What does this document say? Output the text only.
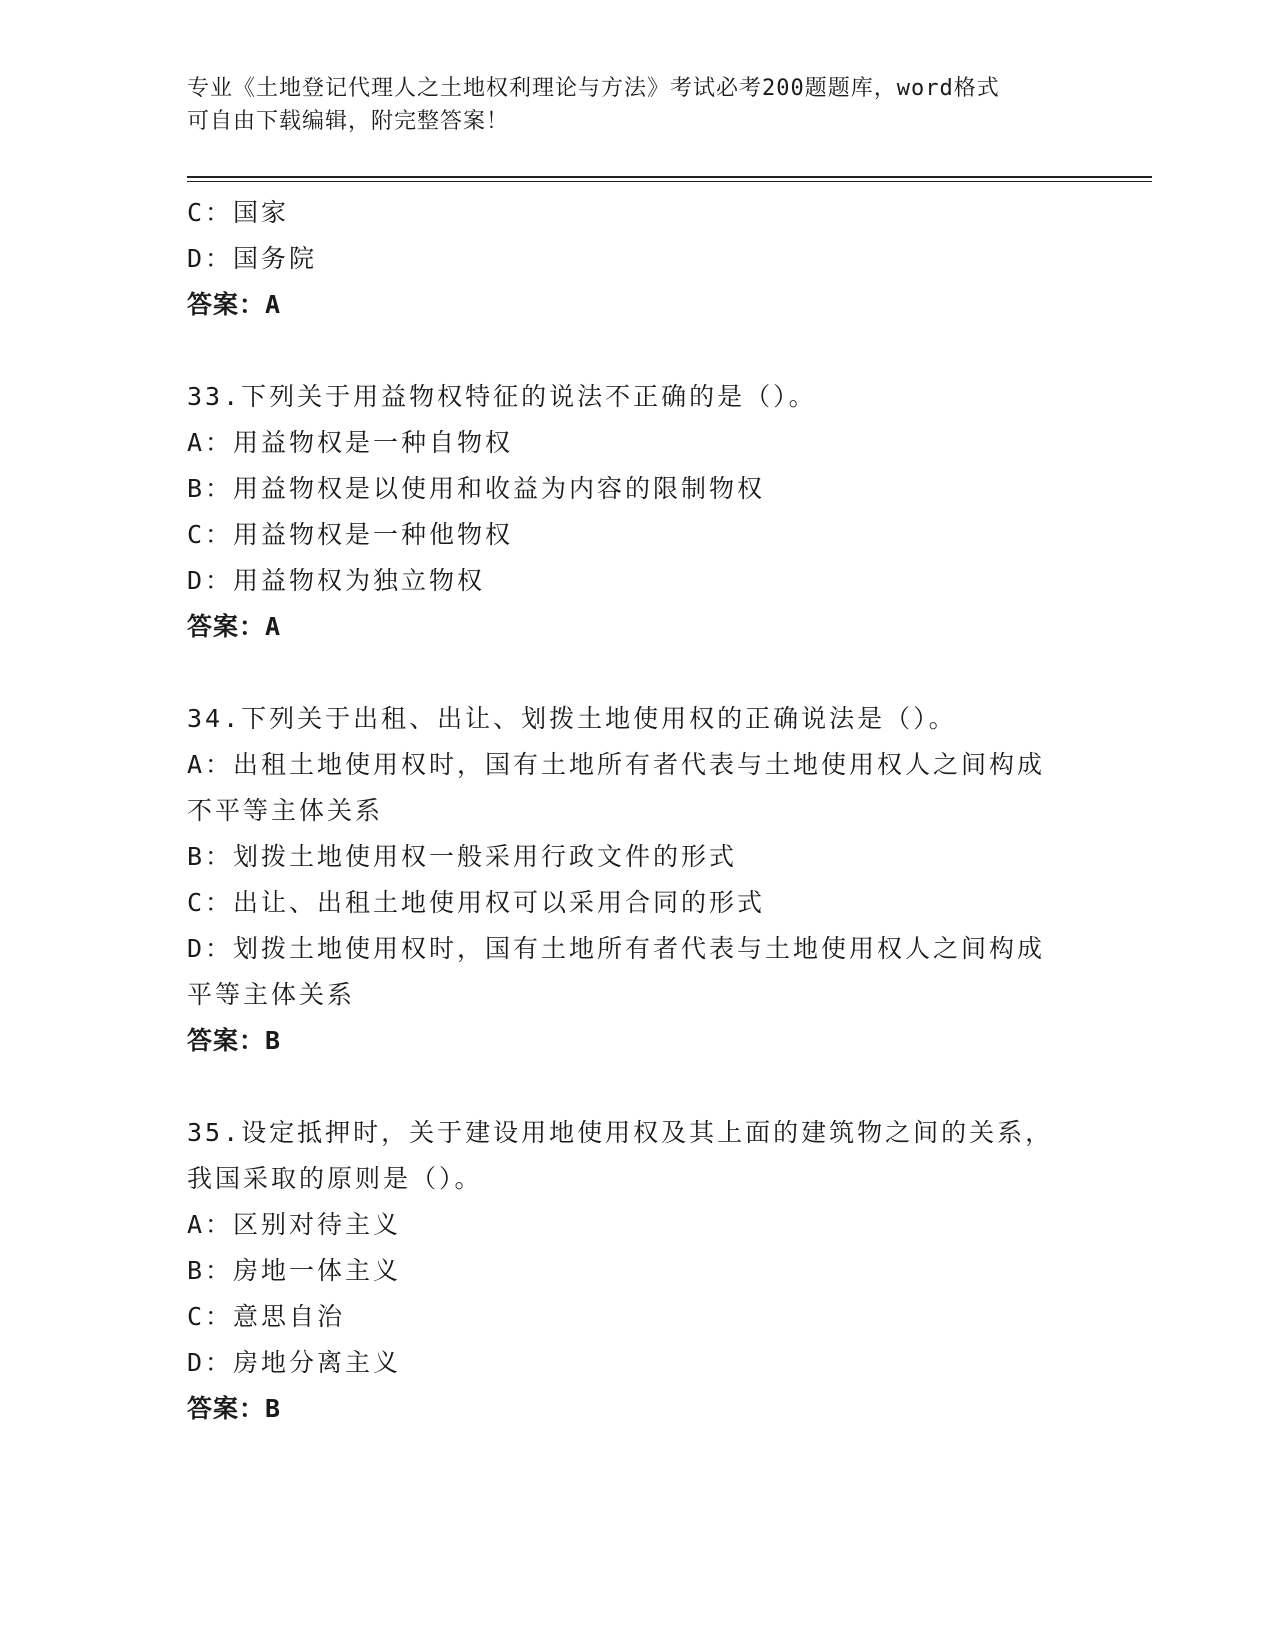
专业《土地登记代理人之土地权利理论与方法》考试必考200题题库，word格式
可自由下载编辑，附完整答案！
C：国家
D：国务院
答案：A
33.下列关于用益物权特征的说法不正确的是（）。
A：用益物权是一种自物权
B：用益物权是以使用和收益为内容的限制物权
C：用益物权是一种他物权
D：用益物权为独立物权
答案：A
34.下列关于出租、出让、划拨土地使用权的正确说法是（）。
A：出租土地使用权时，国有土地所有者代表与土地使用权人之间构成
不平等主体关系
B：划拨土地使用权一般采用行政文件的形式
C：出让、出租土地使用权可以采用合同的形式
D：划拨土地使用权时，国有土地所有者代表与土地使用权人之间构成
平等主体关系
答案：B
35.设定抵押时，关于建设用地使用权及其上面的建筑物之间的关系，
我国采取的原则是（）。
A：区别对待主义
B：房地一体主义
C：意思自治
D：房地分离主义
答案：B
